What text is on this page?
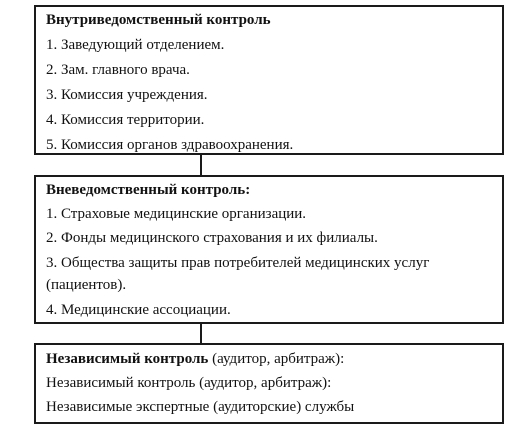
Внутриведомственный контроль
1. Заведующий отделением.
2. Зам. главного врача.
3. Комиссия учреждения.
4. Комиссия территории.
5. Комиссия органов здравоохранения.
Вневедомственный контроль:
1. Страховые медицинские организации.
2. Фонды медицинского страхования и их филиалы.
3. Общества защиты прав потребителей медицинских услуг (пациентов).
4. Медицинские ассоциации.
Независимый контроль (аудитор, арбитраж):
Независимый контроль (аудитор, арбитраж):
Независимые экспертные (аудиторские) службы
